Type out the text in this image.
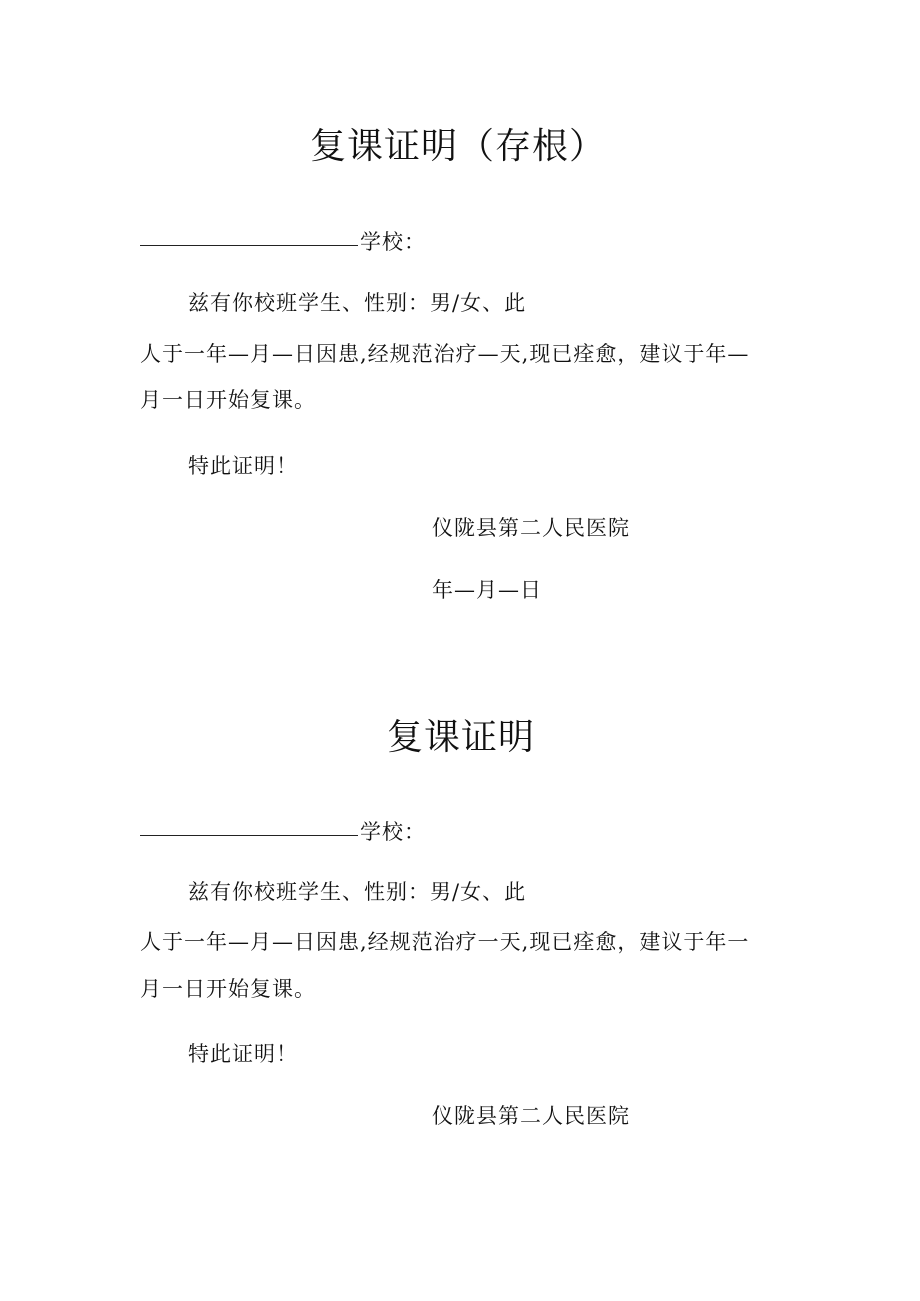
复课证明（存根）
学校：
兹有你校班学生、性别：男/女、此
人于一年—月—日因患,经规范治疗—天,现已痊愈，建议于年—
月一日开始复课。
特此证明！
仪陇县第二人民医院
年—月—日
复课证明
学校：
兹有你校班学生、性别：男/女、此
人于一年—月—日因患,经规范治疗一天,现已痊愈，建议于年一
月一日开始复课。
特此证明！
仪陇县第二人民医院
